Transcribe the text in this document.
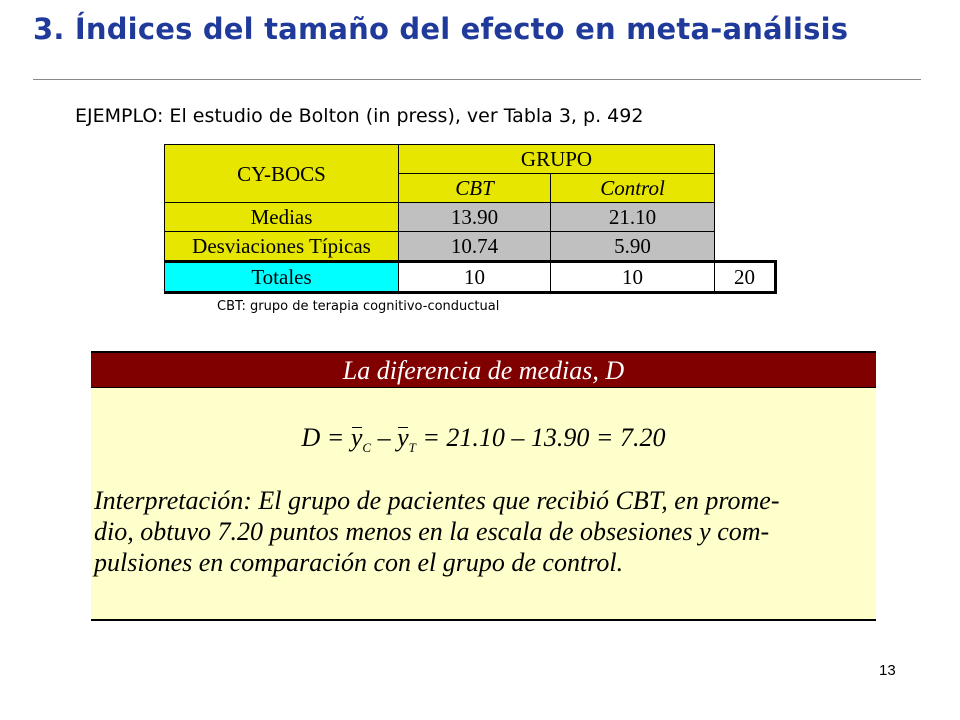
3. Índices del tamaño del efecto en meta-análisis
EJEMPLO: El estudio de Bolton (in press), ver Tabla 3, p. 492
CY-BOCS	GRUPO		
	CBT	Control	
Medias	13.90	21.10	
Desviaciones Típicas	10.74	5.90	
Totales	10	10	20
CBT: grupo de terapia cognitivo-conductual
La diferencia de medias, D
$D = y_C - y_T = 21.10 - 13.90 = 7.20$
Interpretación: El grupo de pacientes que recibió CBT, en prome-
dio, obtuvo 7.20 puntos menos en la escala de obsesiones y com-
pulsiones en comparación con el grupo de control.
13
